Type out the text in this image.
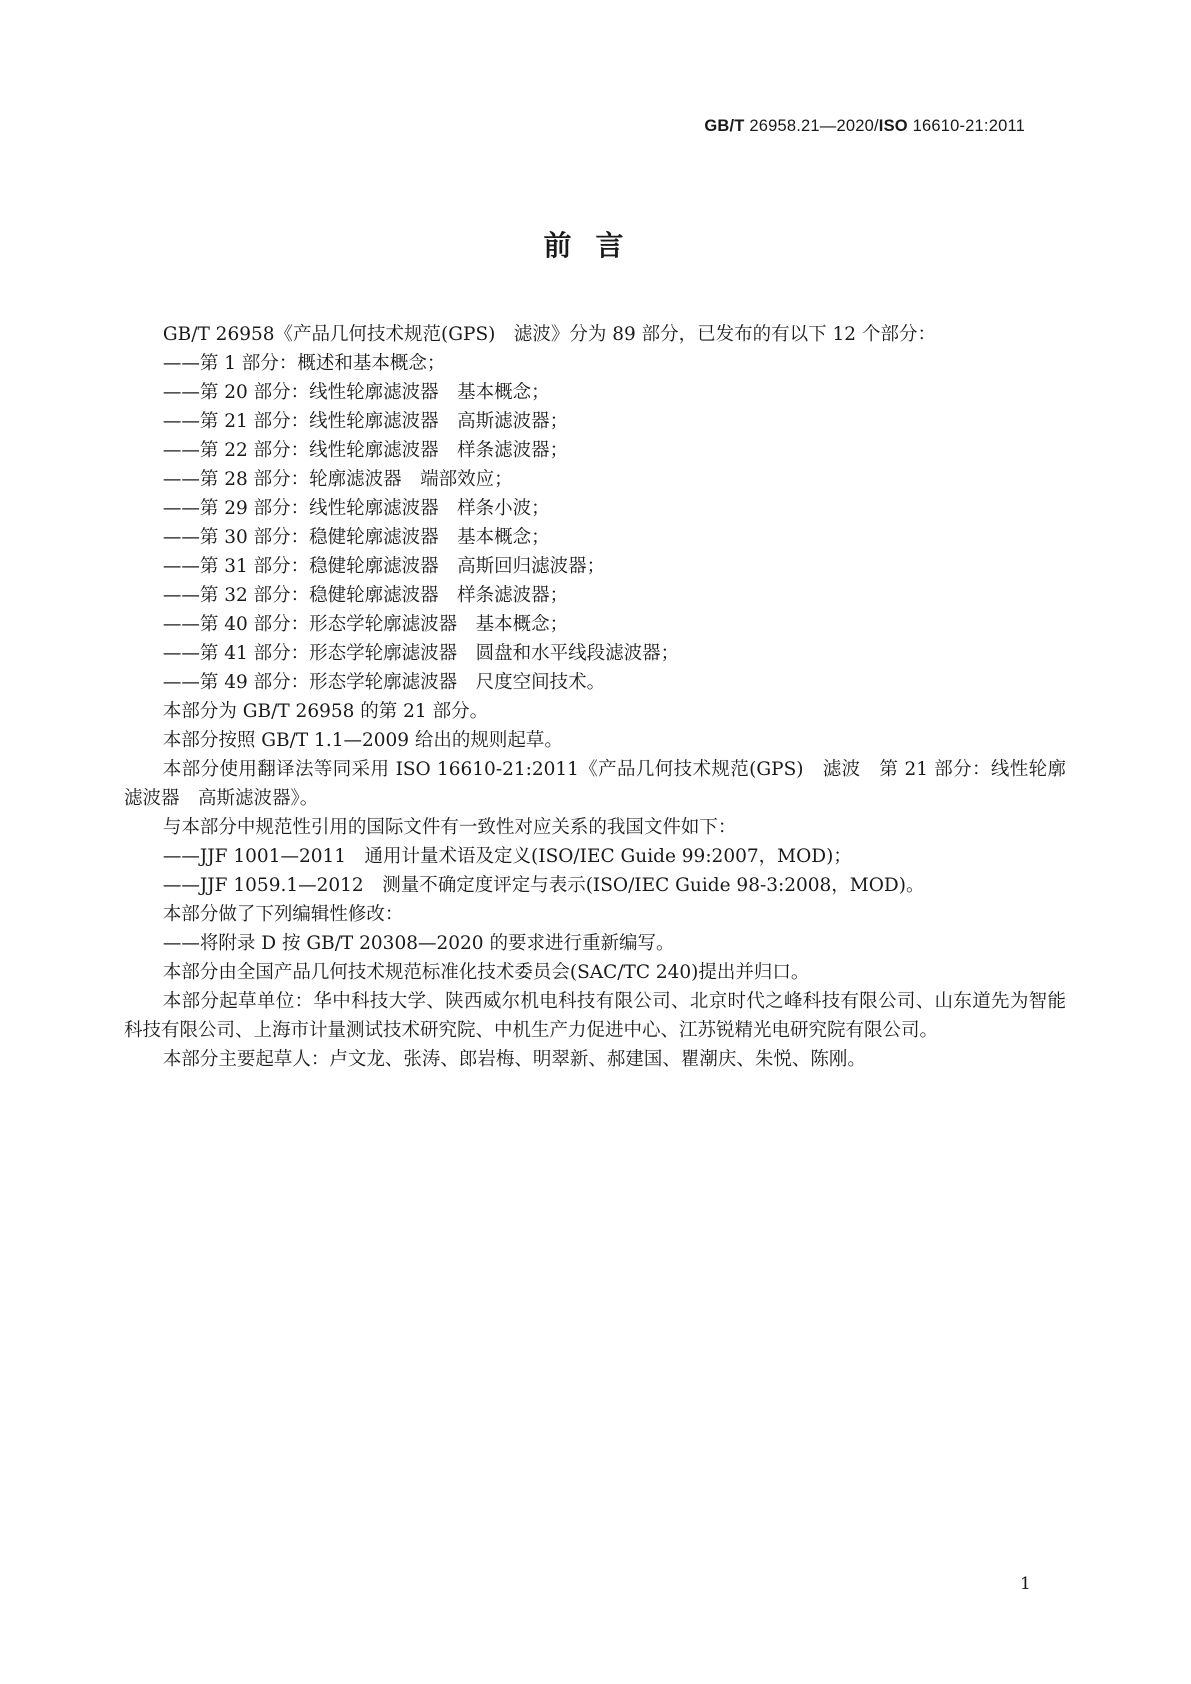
GB/T 26958.21—2020/ISO 16610-21:2011
前言

GB/T 26958《产品几何技术规范(GPS)　滤波》分为 89 部分，已发布的有以下 12 个部分：

——第 1 部分：概述和基本概念；

——第 20 部分：线性轮廓滤波器　基本概念；

——第 21 部分：线性轮廓滤波器　高斯滤波器；

——第 22 部分：线性轮廓滤波器　样条滤波器；

——第 28 部分：轮廓滤波器　端部效应；

——第 29 部分：线性轮廓滤波器　样条小波；

——第 30 部分：稳健轮廓滤波器　基本概念；

——第 31 部分：稳健轮廓滤波器　高斯回归滤波器；

——第 32 部分：稳健轮廓滤波器　样条滤波器；

——第 40 部分：形态学轮廓滤波器　基本概念；

——第 41 部分：形态学轮廓滤波器　圆盘和水平线段滤波器；

——第 49 部分：形态学轮廓滤波器　尺度空间技术。

本部分为 GB/T 26958 的第 21 部分。

本部分按照 GB/T 1.1—2009 给出的规则起草。

本部分使用翻译法等同采用 ISO 16610-21:2011《产品几何技术规范(GPS)　滤波　第 21 部分：线性轮廓滤波器　高斯滤波器》。

与本部分中规范性引用的国际文件有一致性对应关系的我国文件如下：

——JJF 1001—2011　通用计量术语及定义(ISO/IEC Guide 99:2007，MOD)；

——JJF 1059.1—2012　测量不确定度评定与表示(ISO/IEC Guide 98-3:2008，MOD)。

本部分做了下列编辑性修改：

——将附录 D 按 GB/T 20308—2020 的要求进行重新编写。

本部分由全国产品几何技术规范标准化技术委员会(SAC/TC 240)提出并归口。

本部分起草单位：华中科技大学、陕西威尔机电科技有限公司、北京时代之峰科技有限公司、山东道先为智能科技有限公司、上海市计量测试技术研究院、中机生产力促进中心、江苏锐精光电研究院有限公司。

本部分主要起草人：卢文龙、张涛、郎岩梅、明翠新、郝建国、瞿潮庆、朱悦、陈刚。

1
